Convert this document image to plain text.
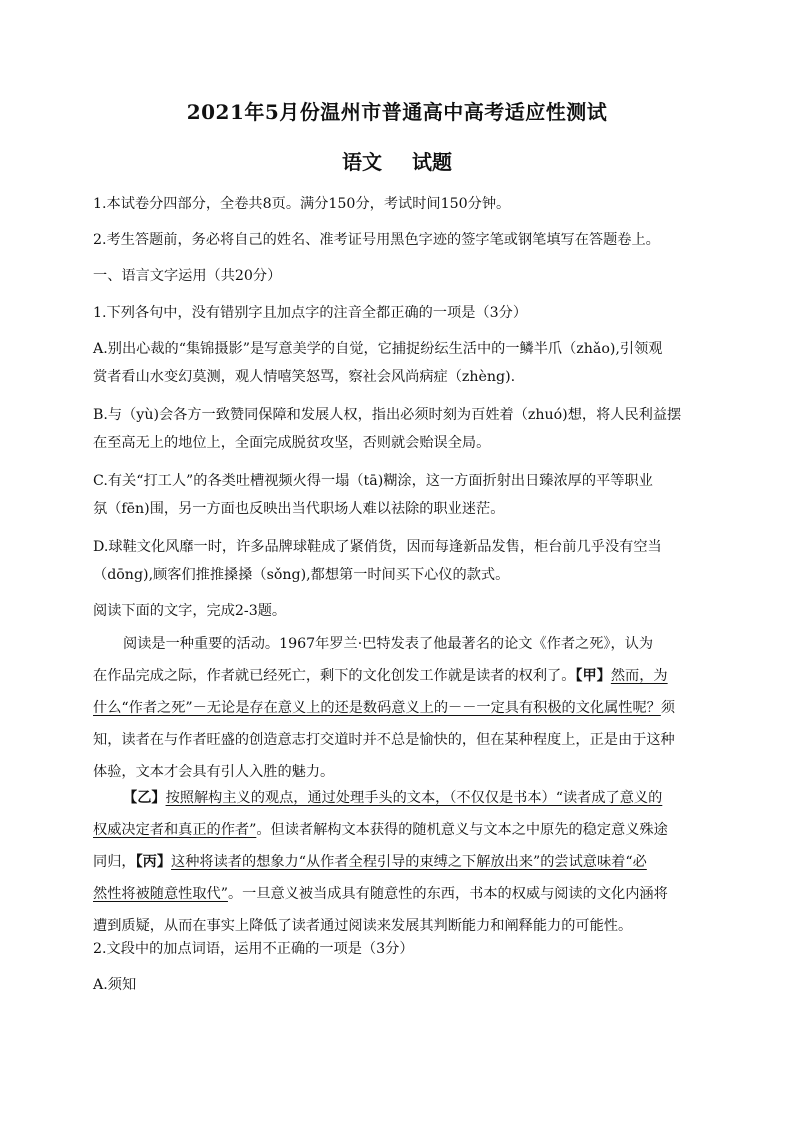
2021年5月份温州市普通高中高考适应性测试
语文 试题
1.本试卷分四部分，全卷共8页。满分150分，考试时间150分钟。
2.考生答题前，务必将自己的姓名、准考证号用黑色字迹的签字笔或钢笔填写在答题卷上。
一、语言文字运用（共20分）
1.下列各句中，没有错别字且加点字的注音全都正确的一项是（3分）
A.别出心裁的“集锦摄影”是写意美学的自觉，它捕捉纷纭生活中的一鳞半爪（zhǎo),引领观
赏者看山水变幻莫测，观人情嘻笑怒骂，察社会风尚病症（zhèng).
B.与（yù)会各方一致赞同保障和发展人权，指出必须时刻为百姓着（zhuó)想，将人民利益摆
在至高无上的地位上，全面完成脱贫攻坚，否则就会贻误全局。
C.有关“打工人”的各类吐槽视频火得一塌（tā)糊涂，这一方面折射出日臻浓厚的平等职业
氛（fēn)围，另一方面也反映出当代职场人难以祛除的职业迷茫。
D.球鞋文化风靡一时，许多品牌球鞋成了紧俏货，因而每逢新品发售，柜台前几乎没有空当
（dōng),顾客们推推搡搡（sǒng),都想第一时间买下心仪的款式。
阅读下面的文字，完成2-3题。
阅读是一种重要的活动。1967年罗兰·巴特发表了他最著名的论文《作者之死》，认为
在作品完成之际，作者就已经死亡，剩下的文化创发工作就是读者的权利了。【甲】然而，为
什么“作者之死”－无论是存在意义上的还是数码意义上的－－一定具有积极的文化属性呢？须
知，读者在与作者旺盛的创造意志打交道时并不总是愉快的，但在某种程度上，正是由于这种
体验，文本才会具有引人入胜的魅力。
【乙】按照解构主义的观点，通过处理手头的文本，（不仅仅是书本）“读者成了意义的
权威决定者和真正的作者”。但读者解构文本获得的随机意义与文本之中原先的稳定意义殊途
同归，【丙】这种将读者的想象力“从作者全程引导的束缚之下解放出来”的尝试意味着“必
然性将被随意性取代”。一旦意义被当成具有随意性的东西，书本的权威与阅读的文化内涵将
遭到质疑，从而在事实上降低了读者通过阅读来发展其判断能力和阐释能力的可能性。
2.文段中的加点词语，运用不正确的一项是（3分）
A.须知
